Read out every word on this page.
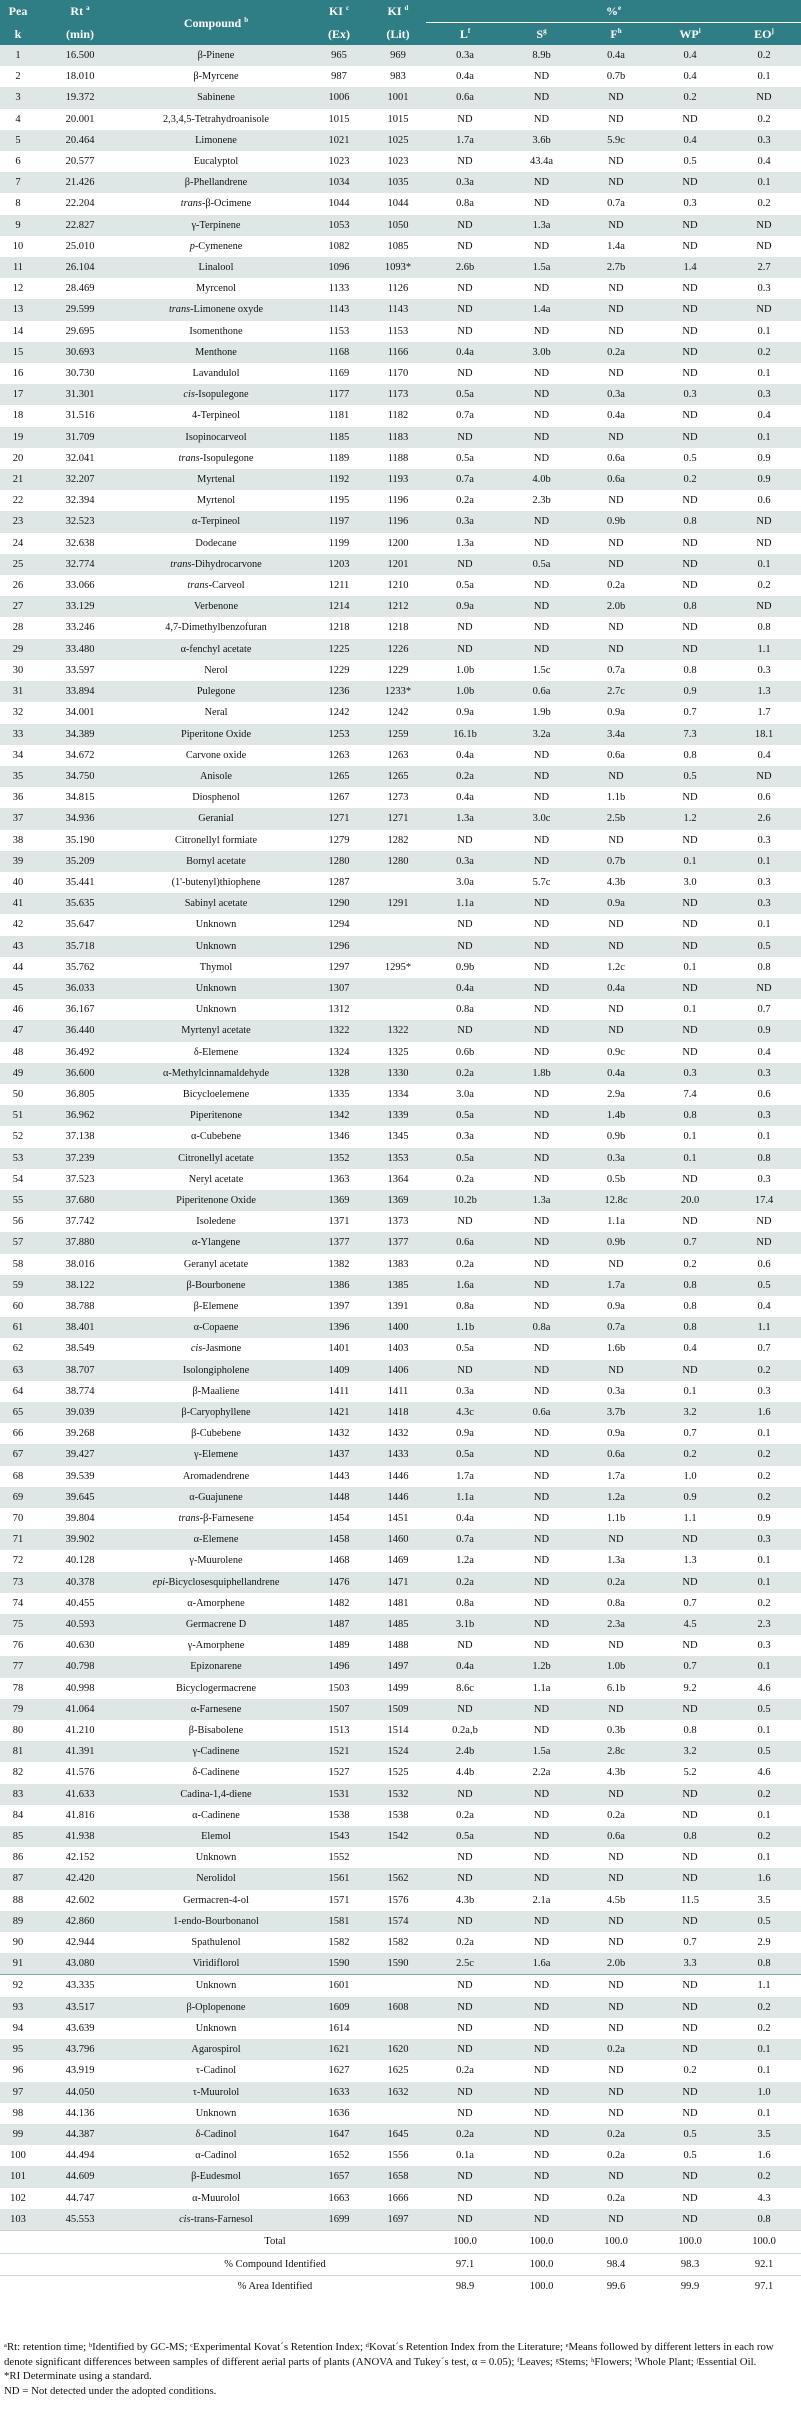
Pea	Rt $^a$	Compound $^b$	KI $^c$	KI $^d$	%$^e$
k	(min)		(Ex)	(Lit)	$L^f$	$S^g$	$F^h$	$WP^i$	$EO^j$
1	16.500	β-Pinene	965	969	0.3a	8.9b	0.4a	0.4	0.2
2	18.010	β-Myrcene	987	983	0.4a	ND	0.7b	0.4	0.1
3	19.372	Sabinene	1006	1001	0.6a	ND	ND	0.2	ND
4	20.001	2,3,4,5-Tetrahydroanisole	1015	1015	ND	ND	ND	ND	0.2
5	20.464	Limonene	1021	1025	1.7a	3.6b	5.9c	0.4	0.3
6	20.577	Eucalyptol	1023	1023	ND	43.4a	ND	0.5	0.4
7	21.426	β-Phellandrene	1034	1035	0.3a	ND	ND	ND	0.1
8	22.204	trans-β-Ocimene	1044	1044	0.8a	ND	0.7a	0.3	0.2
9	22.827	γ-Terpinene	1053	1050	ND	1.3a	ND	ND	ND
10	25.010	p-Cymenene	1082	1085	ND	ND	1.4a	ND	ND
11	26.104	Linalool	1096	1093*	2.6b	1.5a	2.7b	1.4	2.7
12	28.469	Myrcenol	1133	1126	ND	ND	ND	ND	0.3
13	29.599	trans-Limonene oxyde	1143	1143	ND	1.4a	ND	ND	ND
14	29.695	Isomenthone	1153	1153	ND	ND	ND	ND	0.1
15	30.693	Menthone	1168	1166	0.4a	3.0b	0.2a	ND	0.2
16	30.730	Lavandulol	1169	1170	ND	ND	ND	ND	0.1
17	31.301	cis-Isopulegone	1177	1173	0.5a	ND	0.3a	0.3	0.3
18	31.516	4-Terpineol	1181	1182	0.7a	ND	0.4a	ND	0.4
19	31.709	Isopinocarveol	1185	1183	ND	ND	ND	ND	0.1
20	32.041	trans-Isopulegone	1189	1188	0.5a	ND	0.6a	0.5	0.9
21	32.207	Myrtenal	1192	1193	0.7a	4.0b	0.6a	0.2	0.9
22	32.394	Myrtenol	1195	1196	0.2a	2.3b	ND	ND	0.6
23	32.523	α-Terpineol	1197	1196	0.3a	ND	0.9b	0.8	ND
24	32.638	Dodecane	1199	1200	1.3a	ND	ND	ND	ND
25	32.774	trans-Dihydrocarvone	1203	1201	ND	0.5a	ND	ND	0.1
26	33.066	trans-Carveol	1211	1210	0.5a	ND	0.2a	ND	0.2
27	33.129	Verbenone	1214	1212	0.9a	ND	2.0b	0.8	ND
28	33.246	4,7-Dimethylbenzofuran	1218	1218	ND	ND	ND	ND	0.8
29	33.480	α-fenchyl acetate	1225	1226	ND	ND	ND	ND	1.1
30	33.597	Nerol	1229	1229	1.0b	1.5c	0.7a	0.8	0.3
31	33.894	Pulegone	1236	1233*	1.0b	0.6a	2.7c	0.9	1.3
32	34.001	Neral	1242	1242	0.9a	1.9b	0.9a	0.7	1.7
33	34.389	Piperitone Oxide	1253	1259	16.1b	3.2a	3.4a	7.3	18.1
34	34.672	Carvone oxide	1263	1263	0.4a	ND	0.6a	0.8	0.4
35	34.750	Anisole	1265	1265	0.2a	ND	ND	0.5	ND
36	34.815	Diosphenol	1267	1273	0.4a	ND	1.1b	ND	0.6
37	34.936	Geranial	1271	1271	1.3a	3.0c	2.5b	1.2	2.6
38	35.190	Citronellyl formiate	1279	1282	ND	ND	ND	ND	0.3
39	35.209	Bornyl acetate	1280	1280	0.3a	ND	0.7b	0.1	0.1
40	35.441	(1'-butenyl)thiophene	1287		3.0a	5.7c	4.3b	3.0	0.3
41	35.635	Sabinyl acetate	1290	1291	1.1a	ND	0.9a	ND	0.3
42	35.647	Unknown	1294		ND	ND	ND	ND	0.1
43	35.718	Unknown	1296		ND	ND	ND	ND	0.5
44	35.762	Thymol	1297	1295*	0.9b	ND	1.2c	0.1	0.8
45	36.033	Unknown	1307		0.4a	ND	0.4a	ND	ND
46	36.167	Unknown	1312		0.8a	ND	ND	0.1	0.7
47	36.440	Myrtenyl acetate	1322	1322	ND	ND	ND	ND	0.9
48	36.492	δ-Elemene	1324	1325	0.6b	ND	0.9c	ND	0.4
49	36.600	α-Methylcinnamaldehyde	1328	1330	0.2a	1.8b	0.4a	0.3	0.3
50	36.805	Bicycloelemene	1335	1334	3.0a	ND	2.9a	7.4	0.6
51	36.962	Piperitenone	1342	1339	0.5a	ND	1.4b	0.8	0.3
52	37.138	α-Cubebene	1346	1345	0.3a	ND	0.9b	0.1	0.1
53	37.239	Citronellyl acetate	1352	1353	0.5a	ND	0.3a	0.1	0.8
54	37.523	Neryl acetate	1363	1364	0.2a	ND	0.5b	ND	0.3
55	37.680	Piperitenone Oxide	1369	1369	10.2b	1.3a	12.8c	20.0	17.4
56	37.742	Isoledene	1371	1373	ND	ND	1.1a	ND	ND
57	37.880	α-Ylangene	1377	1377	0.6a	ND	0.9b	0.7	ND
58	38.016	Geranyl acetate	1382	1383	0.2a	ND	ND	0.2	0.6
59	38.122	β-Bourbonene	1386	1385	1.6a	ND	1.7a	0.8	0.5
60	38.788	β-Elemene	1397	1391	0.8a	ND	0.9a	0.8	0.4
61	38.401	α-Copaene	1396	1400	1.1b	0.8a	0.7a	0.8	1.1
62	38.549	cis-Jasmone	1401	1403	0.5a	ND	1.6b	0.4	0.7
63	38.707	Isolongipholene	1409	1406	ND	ND	ND	ND	0.2
64	38.774	β-Maaliene	1411	1411	0.3a	ND	0.3a	0.1	0.3
65	39.039	β-Caryophyllene	1421	1418	4.3c	0.6a	3.7b	3.2	1.6
66	39.268	β-Cubebene	1432	1432	0.9a	ND	0.9a	0.7	0.1
67	39.427	γ-Elemene	1437	1433	0.5a	ND	0.6a	0.2	0.2
68	39.539	Aromadendrene	1443	1446	1.7a	ND	1.7a	1.0	0.2
69	39.645	α-Guajunene	1448	1446	1.1a	ND	1.2a	0.9	0.2
70	39.804	trans-β-Farnesene	1454	1451	0.4a	ND	1.1b	1.1	0.9
71	39.902	α-Elemene	1458	1460	0.7a	ND	ND	ND	0.3
72	40.128	γ-Muurolene	1468	1469	1.2a	ND	1.3a	1.3	0.1
73	40.378	epi-Bicyclosesquiphellandrene	1476	1471	0.2a	ND	0.2a	ND	0.1
74	40.455	α-Amorphene	1482	1481	0.8a	ND	0.8a	0.7	0.2
75	40.593	Germacrene D	1487	1485	3.1b	ND	2.3a	4.5	2.3
76	40.630	γ-Amorphene	1489	1488	ND	ND	ND	ND	0.3
77	40.798	Epizonarene	1496	1497	0.4a	1.2b	1.0b	0.7	0.1
78	40.998	Bicyclogermacrene	1503	1499	8.6c	1.1a	6.1b	9.2	4.6
79	41.064	α-Farnesene	1507	1509	ND	ND	ND	ND	0.5
80	41.210	β-Bisabolene	1513	1514	0.2a,b	ND	0.3b	0.8	0.1
81	41.391	γ-Cadinene	1521	1524	2.4b	1.5a	2.8c	3.2	0.5
82	41.576	δ-Cadinene	1527	1525	4.4b	2.2a	4.3b	5.2	4.6
83	41.633	Cadina-1,4-diene	1531	1532	ND	ND	ND	ND	0.2
84	41.816	α-Cadinene	1538	1538	0.2a	ND	0.2a	ND	0.1
85	41.938	Elemol	1543	1542	0.5a	ND	0.6a	0.8	0.2
86	42.152	Unknown	1552		ND	ND	ND	ND	0.1
87	42.420	Nerolidol	1561	1562	ND	ND	ND	ND	1.6
88	42.602	Germacren-4-ol	1571	1576	4.3b	2.1a	4.5b	11.5	3.5
89	42.860	1-endo-Bourbonanol	1581	1574	ND	ND	ND	ND	0.5
90	42.944	Spathulenol	1582	1582	0.2a	ND	ND	0.7	2.9
91	43.080	Viridiflorol	1590	1590	2.5c	1.6a	2.0b	3.3	0.8
92	43.335	Unknown	1601		ND	ND	ND	ND	1.1
93	43.517	β-Oplopenone	1609	1608	ND	ND	ND	ND	0.2
94	43.639	Unknown	1614		ND	ND	ND	ND	0.2
95	43.796	Agarospirol	1621	1620	ND	ND	0.2a	ND	0.1
96	43.919	τ-Cadinol	1627	1625	0.2a	ND	ND	0.2	0.1
97	44.050	τ-Muurolol	1633	1632	ND	ND	ND	ND	1.0
98	44.136	Unknown	1636		ND	ND	ND	ND	0.1
99	44.387	δ-Cadinol	1647	1645	0.2a	ND	0.2a	0.5	3.5
100	44.494	α-Cadinol	1652	1556	0.1a	ND	0.2a	0.5	1.6
101	44.609	β-Eudesmol	1657	1658	ND	ND	ND	ND	0.2
102	44.747	α-Muurolol	1663	1666	ND	ND	0.2a	ND	4.3
103	45.553	cis-trans-Farnesol	1699	1697	ND	ND	ND	ND	0.8
		Total			100.0	100.0	100.0	100.0	100.0
		% Compound Identified			97.1	100.0	98.4	98.3	92.1
		% Area Identified			98.9	100.0	99.6	99.9	97.1

ᵃRt: retention time; ᵇIdentified by GC-MS; ᶜExperimental Kovat´s Retention Index; ᵈKovat´s Retention Index from the Literature; ᵉMeans followed by different letters in each row denote significant differences between samples of different aerial parts of plants (ANOVA and Tukey´s test, α = 0.05); ᶠLeaves; ᵍStems; ʰFlowers; ⁱWhole Plant; ʲEssential Oil.

*RI Determinate using a standard.

ND = Not detected under the adopted conditions.
